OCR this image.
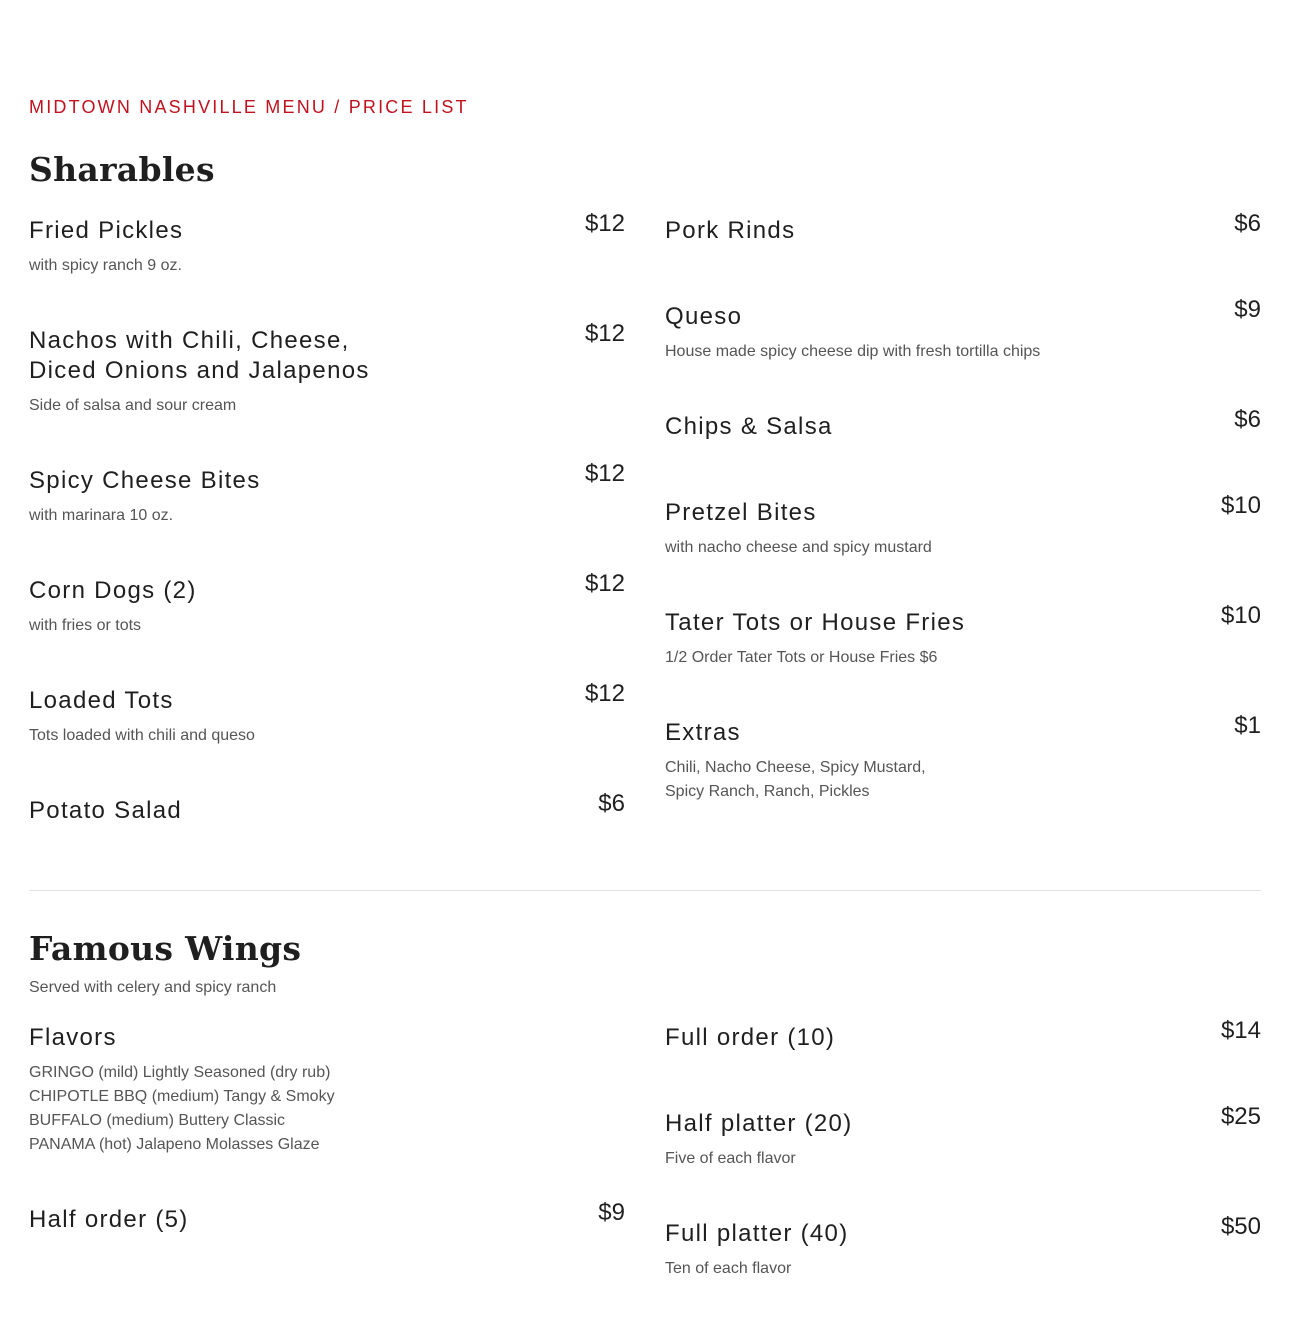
MIDTOWN NASHVILLE MENU / PRICE LIST
Sharables
Fried Pickles	$12
with spicy ranch 9 oz.
Nachos with Chili, Cheese, Diced Onions and Jalapenos
$12
Side of salsa and sour cream
Spicy Cheese Bites	$12
with marinara 10 oz.
Corn Dogs (2)	$12
with fries or tots
Loaded Tots	$12
Tots loaded with chili and queso
Potato Salad	$6
Pork Rinds	$6
Queso	$9
House made spicy cheese dip with fresh tortilla chips
Chips & Salsa	$6
Pretzel Bites	$10
with nacho cheese and spicy mustard
Tater Tots or House Fries	$10
1/2 Order Tater Tots or House Fries $6
Extras	$1
Chili, Nacho Cheese, Spicy Mustard,
Spicy Ranch, Ranch, Pickles
Famous Wings
Served with celery and spicy ranch
Flavors
GRINGO (mild) Lightly Seasoned (dry rub)
CHIPOTLE BBQ (medium) Tangy & Smoky
BUFFALO (medium) Buttery Classic
PANAMA (hot) Jalapeno Molasses Glaze
Half order (5)	$9
Full order (10)	$14
Half platter (20)	$25
Five of each flavor
Full platter (40)	$50
Ten of each flavor
